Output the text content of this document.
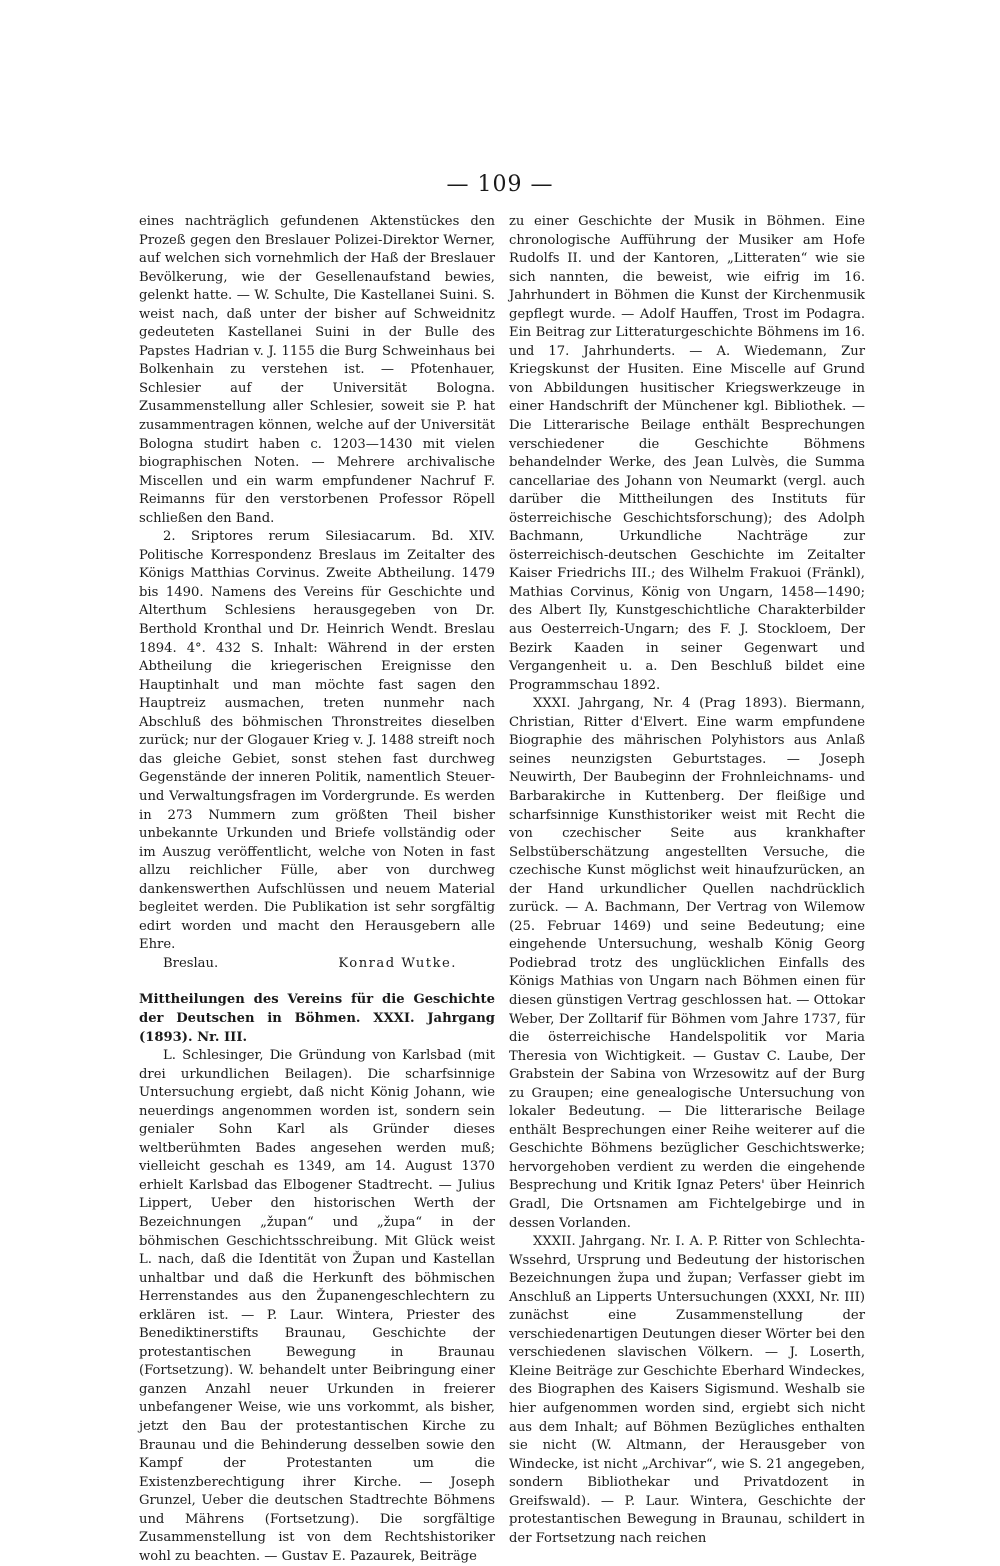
— 109 —

eines nachträglich gefundenen Aktenstückes den Prozeß gegen den Breslauer Polizei-Direktor Werner, auf welchen sich vornehmlich der Haß der Breslauer Bevölkerung, wie der Gesellenaufstand bewies, gelenkt hatte. — W. Schulte, Die Kastellanei Suini. S. weist nach, daß unter der bisher auf Schweidnitz gedeuteten Kastellanei Suini in der Bulle des Papstes Hadrian v. J. 1155 die Burg Schweinhaus bei Bolkenhain zu verstehen ist. — Pfotenhauer, Schlesier auf der Universität Bologna. Zusammenstellung aller Schlesier, soweit sie P. hat zusammentragen können, welche auf der Universität Bologna studirt haben c. 1203—1430 mit vielen biographischen Noten. — Mehrere archivalische Miscellen und ein warm empfundener Nachruf F. Reimanns für den verstorbenen Professor Röpell schließen den Band.

2. Sriptores rerum Silesiacarum. Bd. XIV. Politische Korrespondenz Breslaus im Zeitalter des Königs Matthias Corvinus. Zweite Abtheilung. 1479 bis 1490. Namens des Vereins für Geschichte und Alterthum Schlesiens herausgegeben von Dr. Berthold Kronthal und Dr. Heinrich Wendt. Breslau 1894. 4°. 432 S. Inhalt: Während in der ersten Abtheilung die kriegerischen Ereignisse den Hauptinhalt und man möchte fast sagen den Hauptreiz ausmachen, treten nunmehr nach Abschluß des böhmischen Thronstreites dieselben zurück; nur der Glogauer Krieg v. J. 1488 streift noch das gleiche Gebiet, sonst stehen fast durchweg Gegenstände der inneren Politik, namentlich Steuer- und Verwaltungsfragen im Vordergrunde. Es werden in 273 Nummern zum größten Theil bisher unbekannte Urkunden und Briefe vollständig oder im Auszug veröffentlicht, welche von Noten in fast allzu reichlicher Fülle, aber von durchweg dankenswerthen Aufschlüssen und neuem Material begleitet werden. Die Publikation ist sehr sorgfältig edirt worden und macht den Herausgebern alle Ehre.

Breslau.	Konrad Wutke.

Mittheilungen des Vereins für die Geschichte der Deutschen in Böhmen. XXXI. Jahrgang (1893). Nr. III.

L. Schlesinger, Die Gründung von Karlsbad (mit drei urkundlichen Beilagen). Die scharfsinnige Untersuchung ergiebt, daß nicht König Johann, wie neuerdings angenommen worden ist, sondern sein genialer Sohn Karl als Gründer dieses weltberühmten Bades angesehen werden muß; vielleicht geschah es 1349, am 14. August 1370 erhielt Karlsbad das Elbogener Stadtrecht. — Julius Lippert, Ueber den historischen Werth der Bezeichnungen „župan“ und „župa“ in der böhmischen Geschichtsschreibung. Mit Glück weist L. nach, daß die Identität von Župan und Kastellan unhaltbar und daß die Herkunft des böhmischen Herrenstandes aus den Županengeschlechtern zu erklären ist. — P. Laur. Wintera, Priester des Benediktinerstifts Braunau, Geschichte der protestantischen Bewegung in Braunau (Fortsetzung). W. behandelt unter Beibringung einer ganzen Anzahl neuer Urkunden in freierer unbefangener Weise, wie uns vorkommt, als bisher, jetzt den Bau der protestantischen Kirche zu Braunau und die Behinderung desselben sowie den Kampf der Protestanten um die Existenzberechtigung ihrer Kirche. — Joseph Grunzel, Ueber die deutschen Stadtrechte Böhmens und Mährens (Fortsetzung). Die sorgfältige Zusammenstellung ist von dem Rechtshistoriker wohl zu beachten. — Gustav E. Pazaurek, Beiträge

zu einer Geschichte der Musik in Böhmen. Eine chronologische Aufführung der Musiker am Hofe Rudolfs II. und der Kantoren, „Litteraten“ wie sie sich nannten, die beweist, wie eifrig im 16. Jahrhundert in Böhmen die Kunst der Kirchenmusik gepflegt wurde. — Adolf Hauffen, Trost im Podagra. Ein Beitrag zur Litteraturgeschichte Böhmens im 16. und 17. Jahrhunderts. — A. Wiedemann, Zur Kriegskunst der Husiten. Eine Miscelle auf Grund von Abbildungen husitischer Kriegswerkzeuge in einer Handschrift der Münchener kgl. Bibliothek. — Die Litterarische Beilage enthält Besprechungen verschiedener die Geschichte Böhmens behandelnder Werke, des Jean Lulvès, die Summa cancellariae des Johann von Neumarkt (vergl. auch darüber die Mittheilungen des Instituts für österreichische Geschichtsforschung); des Adolph Bachmann, Urkundliche Nachträge zur österreichisch-deutschen Geschichte im Zeitalter Kaiser Friedrichs III.; des Wilhelm Frakuoi (Fränkl), Mathias Corvinus, König von Ungarn, 1458—1490; des Albert Ily, Kunstgeschichtliche Charakterbilder aus Oesterreich-Ungarn; des F. J. Stockloem, Der Bezirk Kaaden in seiner Gegenwart und Vergangenheit u. a. Den Beschluß bildet eine Programmschau 1892.

XXXI. Jahrgang, Nr. 4 (Prag 1893). Biermann, Christian, Ritter d'Elvert. Eine warm empfundene Biographie des mährischen Polyhistors aus Anlaß seines neunzigsten Geburtstages. — Joseph Neuwirth, Der Baubeginn der Frohnleichnams- und Barbarakirche in Kuttenberg. Der fleißige und scharfsinnige Kunsthistoriker weist mit Recht die von czechischer Seite aus krankhafter Selbstüberschätzung angestellten Versuche, die czechische Kunst möglichst weit hinaufzurücken, an der Hand urkundlicher Quellen nachdrücklich zurück. — A. Bachmann, Der Vertrag von Wilemow (25. Februar 1469) und seine Bedeutung; eine eingehende Untersuchung, weshalb König Georg Podiebrad trotz des unglücklichen Einfalls des Königs Mathias von Ungarn nach Böhmen einen für diesen günstigen Vertrag geschlossen hat. — Ottokar Weber, Der Zolltarif für Böhmen vom Jahre 1737, für die österreichische Handelspolitik vor Maria Theresia von Wichtigkeit. — Gustav C. Laube, Der Grabstein der Sabina von Wrzesowitz auf der Burg zu Graupen; eine genealogische Untersuchung von lokaler Bedeutung. — Die litterarische Beilage enthält Besprechungen einer Reihe weiterer auf die Geschichte Böhmens bezüglicher Geschichtswerke; hervorgehoben verdient zu werden die eingehende Besprechung und Kritik Ignaz Peters' über Heinrich Gradl, Die Ortsnamen am Fichtelgebirge und in dessen Vorlanden.

XXXII. Jahrgang. Nr. I. A. P. Ritter von Schlechta-Wssehrd, Ursprung und Bedeutung der historischen Bezeichnungen župa und župan; Verfasser giebt im Anschluß an Lipperts Untersuchungen (XXXI, Nr. III) zunächst eine Zusammenstellung der verschiedenartigen Deutungen dieser Wörter bei den verschiedenen slavischen Völkern. — J. Loserth, Kleine Beiträge zur Geschichte Eberhard Windeckes, des Biographen des Kaisers Sigismund. Weshalb sie hier aufgenommen worden sind, ergiebt sich nicht aus dem Inhalt; auf Böhmen Bezügliches enthalten sie nicht (W. Altmann, der Herausgeber von Windecke, ist nicht „Archivar“, wie S. 21 angegeben, sondern Bibliothekar und Privatdozent in Greifswald). — P. Laur. Wintera, Geschichte der protestantischen Bewegung in Braunau, schildert in der Fortsetzung nach reichen
